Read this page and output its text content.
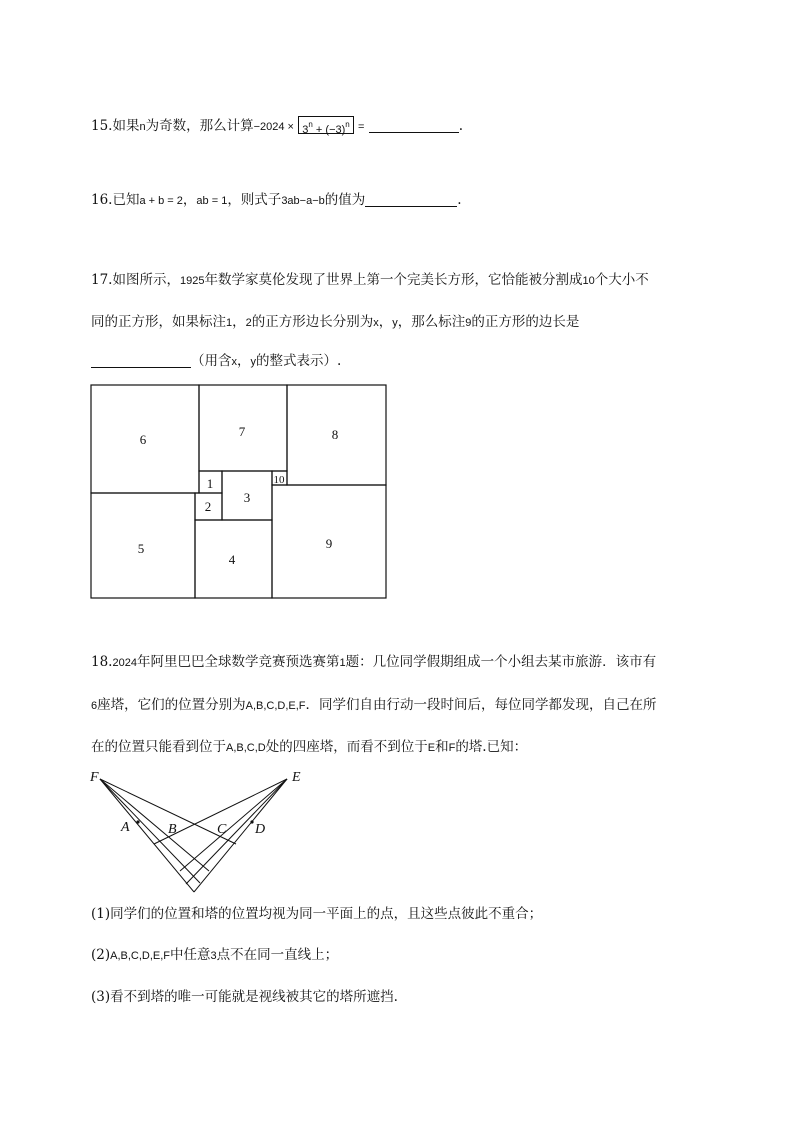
15.如果n为奇数，那么计算$-2024 \times 3^n + (-3)^n$ =	.
16.已知a + b = 2，ab = 1，则式子3ab−a−b的值为	.
17.如图所示，1925年数学家莫伦发现了世界上第一个完美长方形，它恰能被分割成10个大小不
同的正方形，如果标注1，2的正方形边长分别为x，y，那么标注9的正方形的边长是
（用含x，y的整式表示）.
6
7	8
1	10
3
2
5
4
9
18.2024年阿里巴巴全球数学竞赛预选赛第1题：几位同学假期组成一个小组去某市旅游．该市有
6座塔，它们的位置分别为A,B,C,D,E,F．同学们自由行动一段时间后，每位同学都发现，自己在所
在的位置只能看到位于A,B,C,D处的四座塔，而看不到位于E和F的塔.已知：
F	E
A	B	C D
(1)同学们的位置和塔的位置均视为同一平面上的点，且这些点彼此不重合；
(2)A,B,C,D,E,F中任意3点不在同一直线上；
(3)看不到塔的唯一可能就是视线被其它的塔所遮挡.
